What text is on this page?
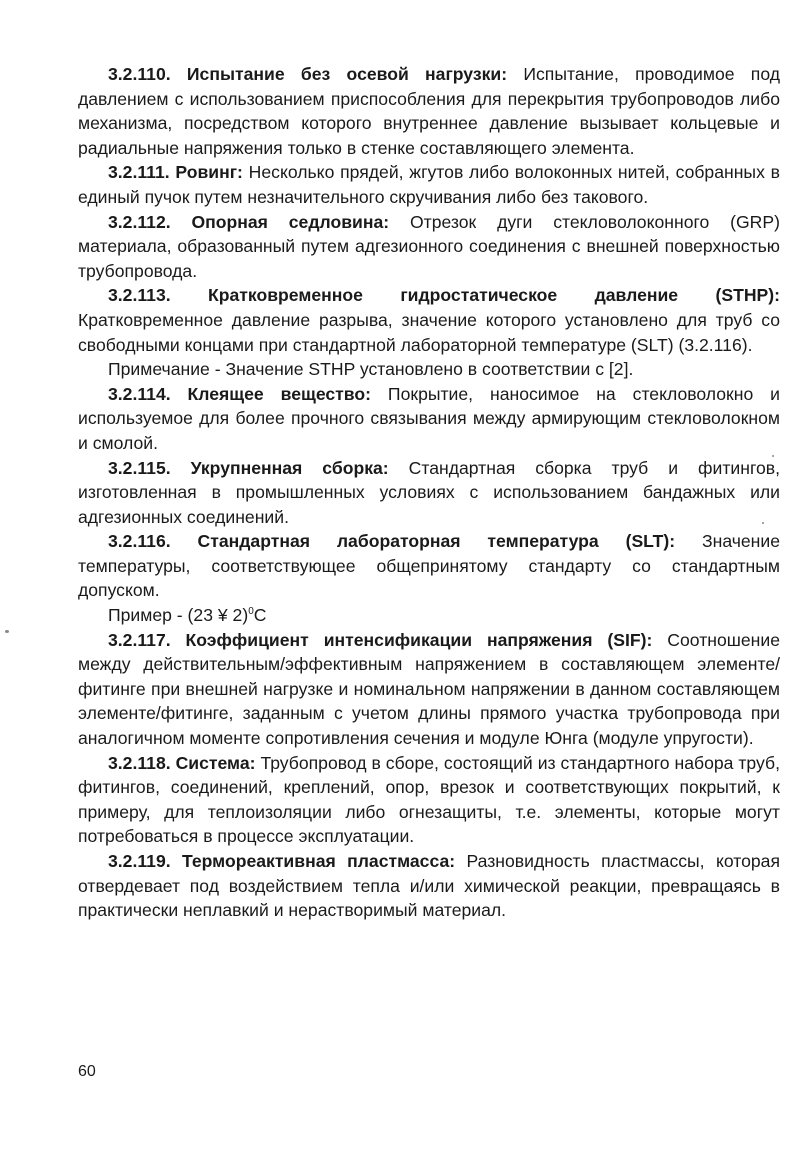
3.2.110. Испытание без осевой нагрузки: Испытание, проводимое под давлением с использованием приспособления для перекрытия трубопроводов либо механизма, посредством которого внутреннее давление вызывает кольцевые и радиальные напряжения только в стенке составляющего элемента.

3.2.111. Ровинг: Несколько прядей, жгутов либо волоконных нитей, собранных в единый пучок путем незначительного скручивания либо без такового.

3.2.112. Опорная седловина: Отрезок дуги стекловолоконного (GRP) материала, образованный путем адгезионного соединения с внешней поверхностью трубопровода.

3.2.113. Кратковременное гидростатическое давление (STHP): Кратковременное давление разрыва, значение которого установлено для труб со свободными концами при стандартной лабораторной температуре (SLT) (3.2.116).

Примечание - Значение STHP установлено в соответствии с [2].

3.2.114. Клеящее вещество: Покрытие, наносимое на стекловолокно и используемое для более прочного связывания между армирующим стекловолокном и смолой.

3.2.115. Укрупненная сборка: Стандартная сборка труб и фитингов, изготовленная в промышленных условиях с использованием бандажных или адгезионных соединений.

3.2.116. Стандартная лабораторная температура (SLT): Значение температуры, соответствующее общепринятому стандарту со стандартным допуском.

Пример - (23 ¥ 2)$^0$С

3.2.117. Коэффициент интенсификации напряжения (SIF): Соотношение между действительным/эффективным напряжением в составляющем элементе/фитинге при внешней нагрузке и номинальном напряжении в данном составляющем элементе/фитинге, заданным с учетом длины прямого участка трубопровода при аналогичном моменте сопротивления сечения и модуле Юнга (модуле упругости).

3.2.118. Система: Трубопровод в сборе, состоящий из стандартного набора труб, фитингов, соединений, креплений, опор, врезок и соответствующих покрытий, к примеру, для теплоизоляции либо огнезащиты, т.е. элементы, которые могут потребоваться в процессе эксплуатации.

3.2.119. Термореактивная пластмасса: Разновидность пластмассы, которая отвердевает под воздействием тепла и/или химической реакции, превращаясь в практически неплавкий и нерастворимый материал.

60
